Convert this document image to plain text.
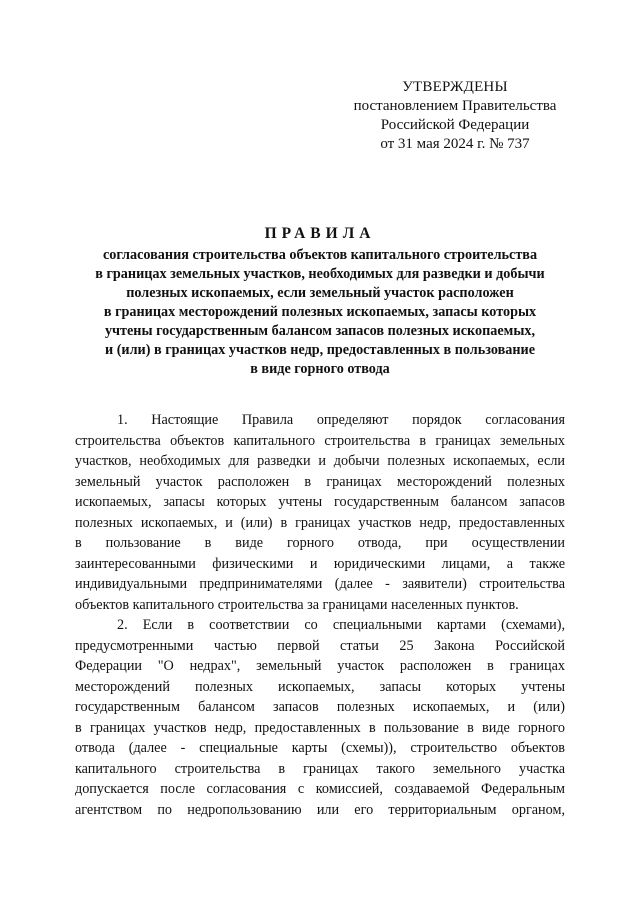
УТВЕРЖДЕНЫ
постановлением Правительства
Российской Федерации
от 31 мая 2024 г. № 737
ПРАВИЛА
согласования строительства объектов капитального строительства
в границах земельных участков, необходимых для разведки и добычи
полезных ископаемых, если земельный участок расположен
в границах месторождений полезных ископаемых, запасы которых
учтены государственным балансом запасов полезных ископаемых,
и (или) в границах участков недр, предоставленных в пользование
в виде горного отвода
1. Настоящие Правила определяют порядок согласования
строительства объектов капитального строительства в границах земельных
участков, необходимых для разведки и добычи полезных ископаемых, если
земельный участок расположен в границах месторождений полезных
ископаемых, запасы которых учтены государственным балансом запасов
полезных ископаемых, и (или) в границах участков недр, предоставленных
в пользование в виде горного отвода, при осуществлении
заинтересованными физическими и юридическими лицами, а также
индивидуальными предпринимателями (далее - заявители) строительства
объектов капитального строительства за границами населенных пунктов.
2. Если в соответствии со специальными картами (схемами),
предусмотренными частью первой статьи 25 Закона Российской
Федерации "О недрах", земельный участок расположен в границах
месторождений полезных ископаемых, запасы которых учтены
государственным балансом запасов полезных ископаемых, и (или)
в границах участков недр, предоставленных в пользование в виде горного
отвода (далее - специальные карты (схемы)), строительство объектов
капитального строительства в границах такого земельного участка
допускается после согласования с комиссией, создаваемой Федеральным
агентством по недропользованию или его территориальным органом,
